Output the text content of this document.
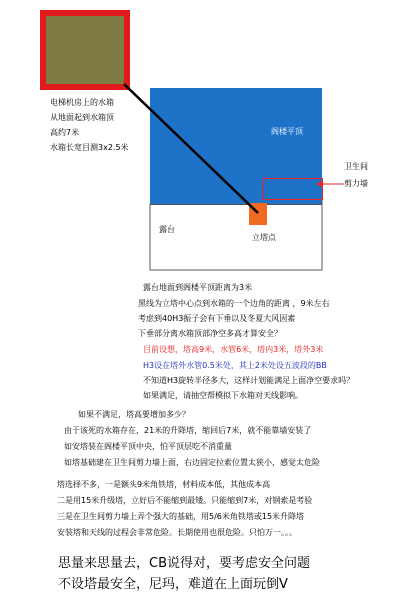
电梯机房上的水箱
从地面起到水箱顶
高约7米
水箱长宽目测3x2.5米
阁楼平顶
卫生间
剪力墙
露台
立塔点
露台地面到阁楼平顶距离为3米
黑线为立塔中心点到水箱的一个边角的距离 ，9米左右
考虑到40H3振子会有下垂以及冬夏大风因素
下垂部分离水箱顶部净空多高才算安全？
目前设想，塔高9米，水管6米，塔内3米，塔外3米
H3设在塔外水管0.5米处，其上2米处设五波段的BB
不知道H3旋转半径多大，这样计划能满足上面净空要求吗？
如果满足，请抽空帮模拟下水箱对天线影响。
如果不满足，塔高要增加多少？
由于该死的水箱存在，21米的升降塔，缩回后7米，就不能靠墙安装了
如安塔装在阁楼平顶中央，怕平顶层吃不消重量
如塔基础建在卫生间剪力墙上面，右边固定拉索位置太狭小，感觉太危险
塔选择不多，一是额头9米角铁塔，材料成本低，其他成本高
二是用15米升级塔，立好后不能缩到最矮。只能缩到7米，对钢索是考验
三是在卫生间剪力墙上弄个强大的基础，用5/6米角铁塔或15米升降塔
安装塔和天线的过程会非常危险。长期使用也很危险。只怕万一。。。
思量来思量去，CB说得对，要考虑安全问题
不设塔最安全，尼玛，难道在上面玩倒V
